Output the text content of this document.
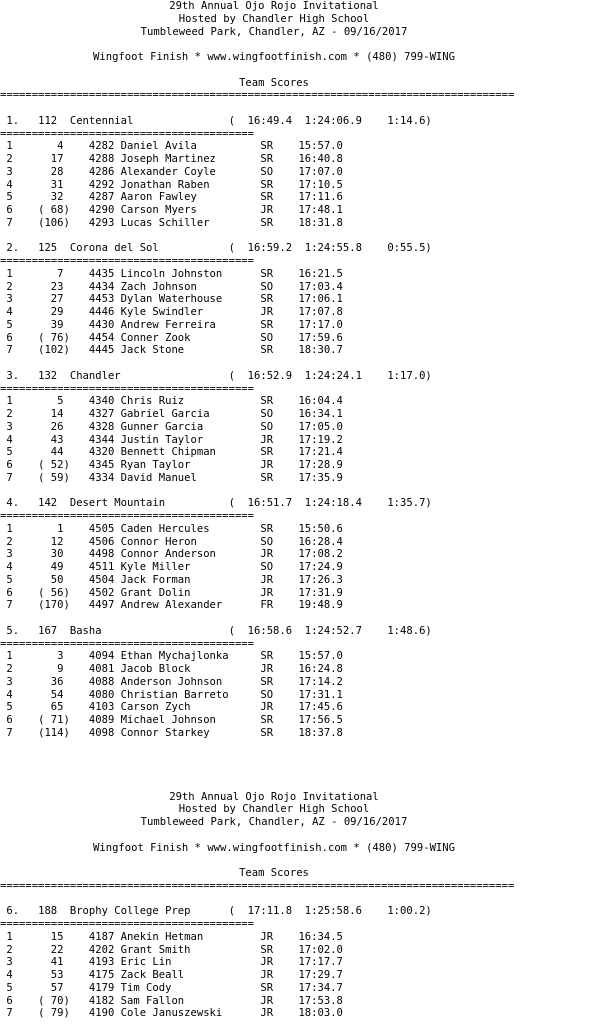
29th Annual Ojo Rojo Invitational
Hosted by Chandler High School
Tumbleweed Park, Chandler, AZ - 09/16/2017
Wingfoot Finish * www.wingfootfinish.com * (480) 799-WING
Team Scores
=================================================================================
1.   112  Centennial               (  16:49.4  1:24:06.9    1:14.6)
========================================
1       4    4282 Daniel Avila          SR    15:57.0
2      17    4288 Joseph Martinez       SR    16:40.8
3      28    4286 Alexander Coyle       SO    17:07.0
4      31    4292 Jonathan Raben        SR    17:10.5
5      32    4287 Aaron Fawley          SR    17:11.6
6    ( 68)   4290 Carson Myers          JR    17:48.1
7    (106)   4293 Lucas Schiller        SR    18:31.8
2.   125  Corona del Sol           (  16:59.2  1:24:55.8    0:55.5)
========================================
1       7    4435 Lincoln Johnston      SR    16:21.5
2      23    4434 Zach Johnson          SO    17:03.4
3      27    4453 Dylan Waterhouse      SR    17:06.1
4      29    4446 Kyle Swindler         JR    17:07.8
5      39    4430 Andrew Ferreira       SR    17:17.0
6    ( 76)   4454 Conner Zook           SO    17:59.6
7    (102)   4445 Jack Stone            SR    18:30.7
3.   132  Chandler                 (  16:52.9  1:24:24.1    1:17.0)
========================================
1       5    4340 Chris Ruiz            SR    16:04.4
2      14    4327 Gabriel Garcia        SO    16:34.1
3      26    4328 Gunner Garcia         SO    17:05.0
4      43    4344 Justin Taylor         JR    17:19.2
5      44    4320 Bennett Chipman       SR    17:21.4
6    ( 52)   4345 Ryan Taylor           JR    17:28.9
7    ( 59)   4334 David Manuel          SR    17:35.9
4.   142  Desert Mountain          (  16:51.7  1:24:18.4    1:35.7)
========================================
1       1    4505 Caden Hercules        SR    15:50.6
2      12    4506 Connor Heron          SO    16:28.4
3      30    4498 Connor Anderson       JR    17:08.2
4      49    4511 Kyle Miller           SO    17:24.9
5      50    4504 Jack Forman           JR    17:26.3
6    ( 56)   4502 Grant Dolin           JR    17:31.9
7    (170)   4497 Andrew Alexander      FR    19:48.9
5.   167  Basha                    (  16:58.6  1:24:52.7    1:48.6)
========================================
1       3    4094 Ethan Mychajlonka     SR    15:57.0
2       9    4081 Jacob Block           JR    16:24.8
3      36    4088 Anderson Johnson      SR    17:14.2
4      54    4080 Christian Barreto     SO    17:31.1
5      65    4103 Carson Zych           JR    17:45.6
6    ( 71)   4089 Michael Johnson       SR    17:56.5
7    (114)   4098 Connor Starkey        SR    18:37.8
29th Annual Ojo Rojo Invitational
Hosted by Chandler High School
Tumbleweed Park, Chandler, AZ - 09/16/2017
Wingfoot Finish * www.wingfootfinish.com * (480) 799-WING
Team Scores
=================================================================================
6.   188  Brophy College Prep      (  17:11.8  1:25:58.6    1:00.2)
========================================
1      15    4187 Anekin Hetman         JR    16:34.5
2      22    4202 Grant Smith           SR    17:02.0
3      41    4193 Eric Lin              JR    17:17.7
4      53    4175 Zack Beall            JR    17:29.7
5      57    4179 Tim Cody              SR    17:34.7
6    ( 70)   4182 Sam Fallon            JR    17:53.8
7    ( 79)   4190 Cole Januszewski      JR    18:03.0
